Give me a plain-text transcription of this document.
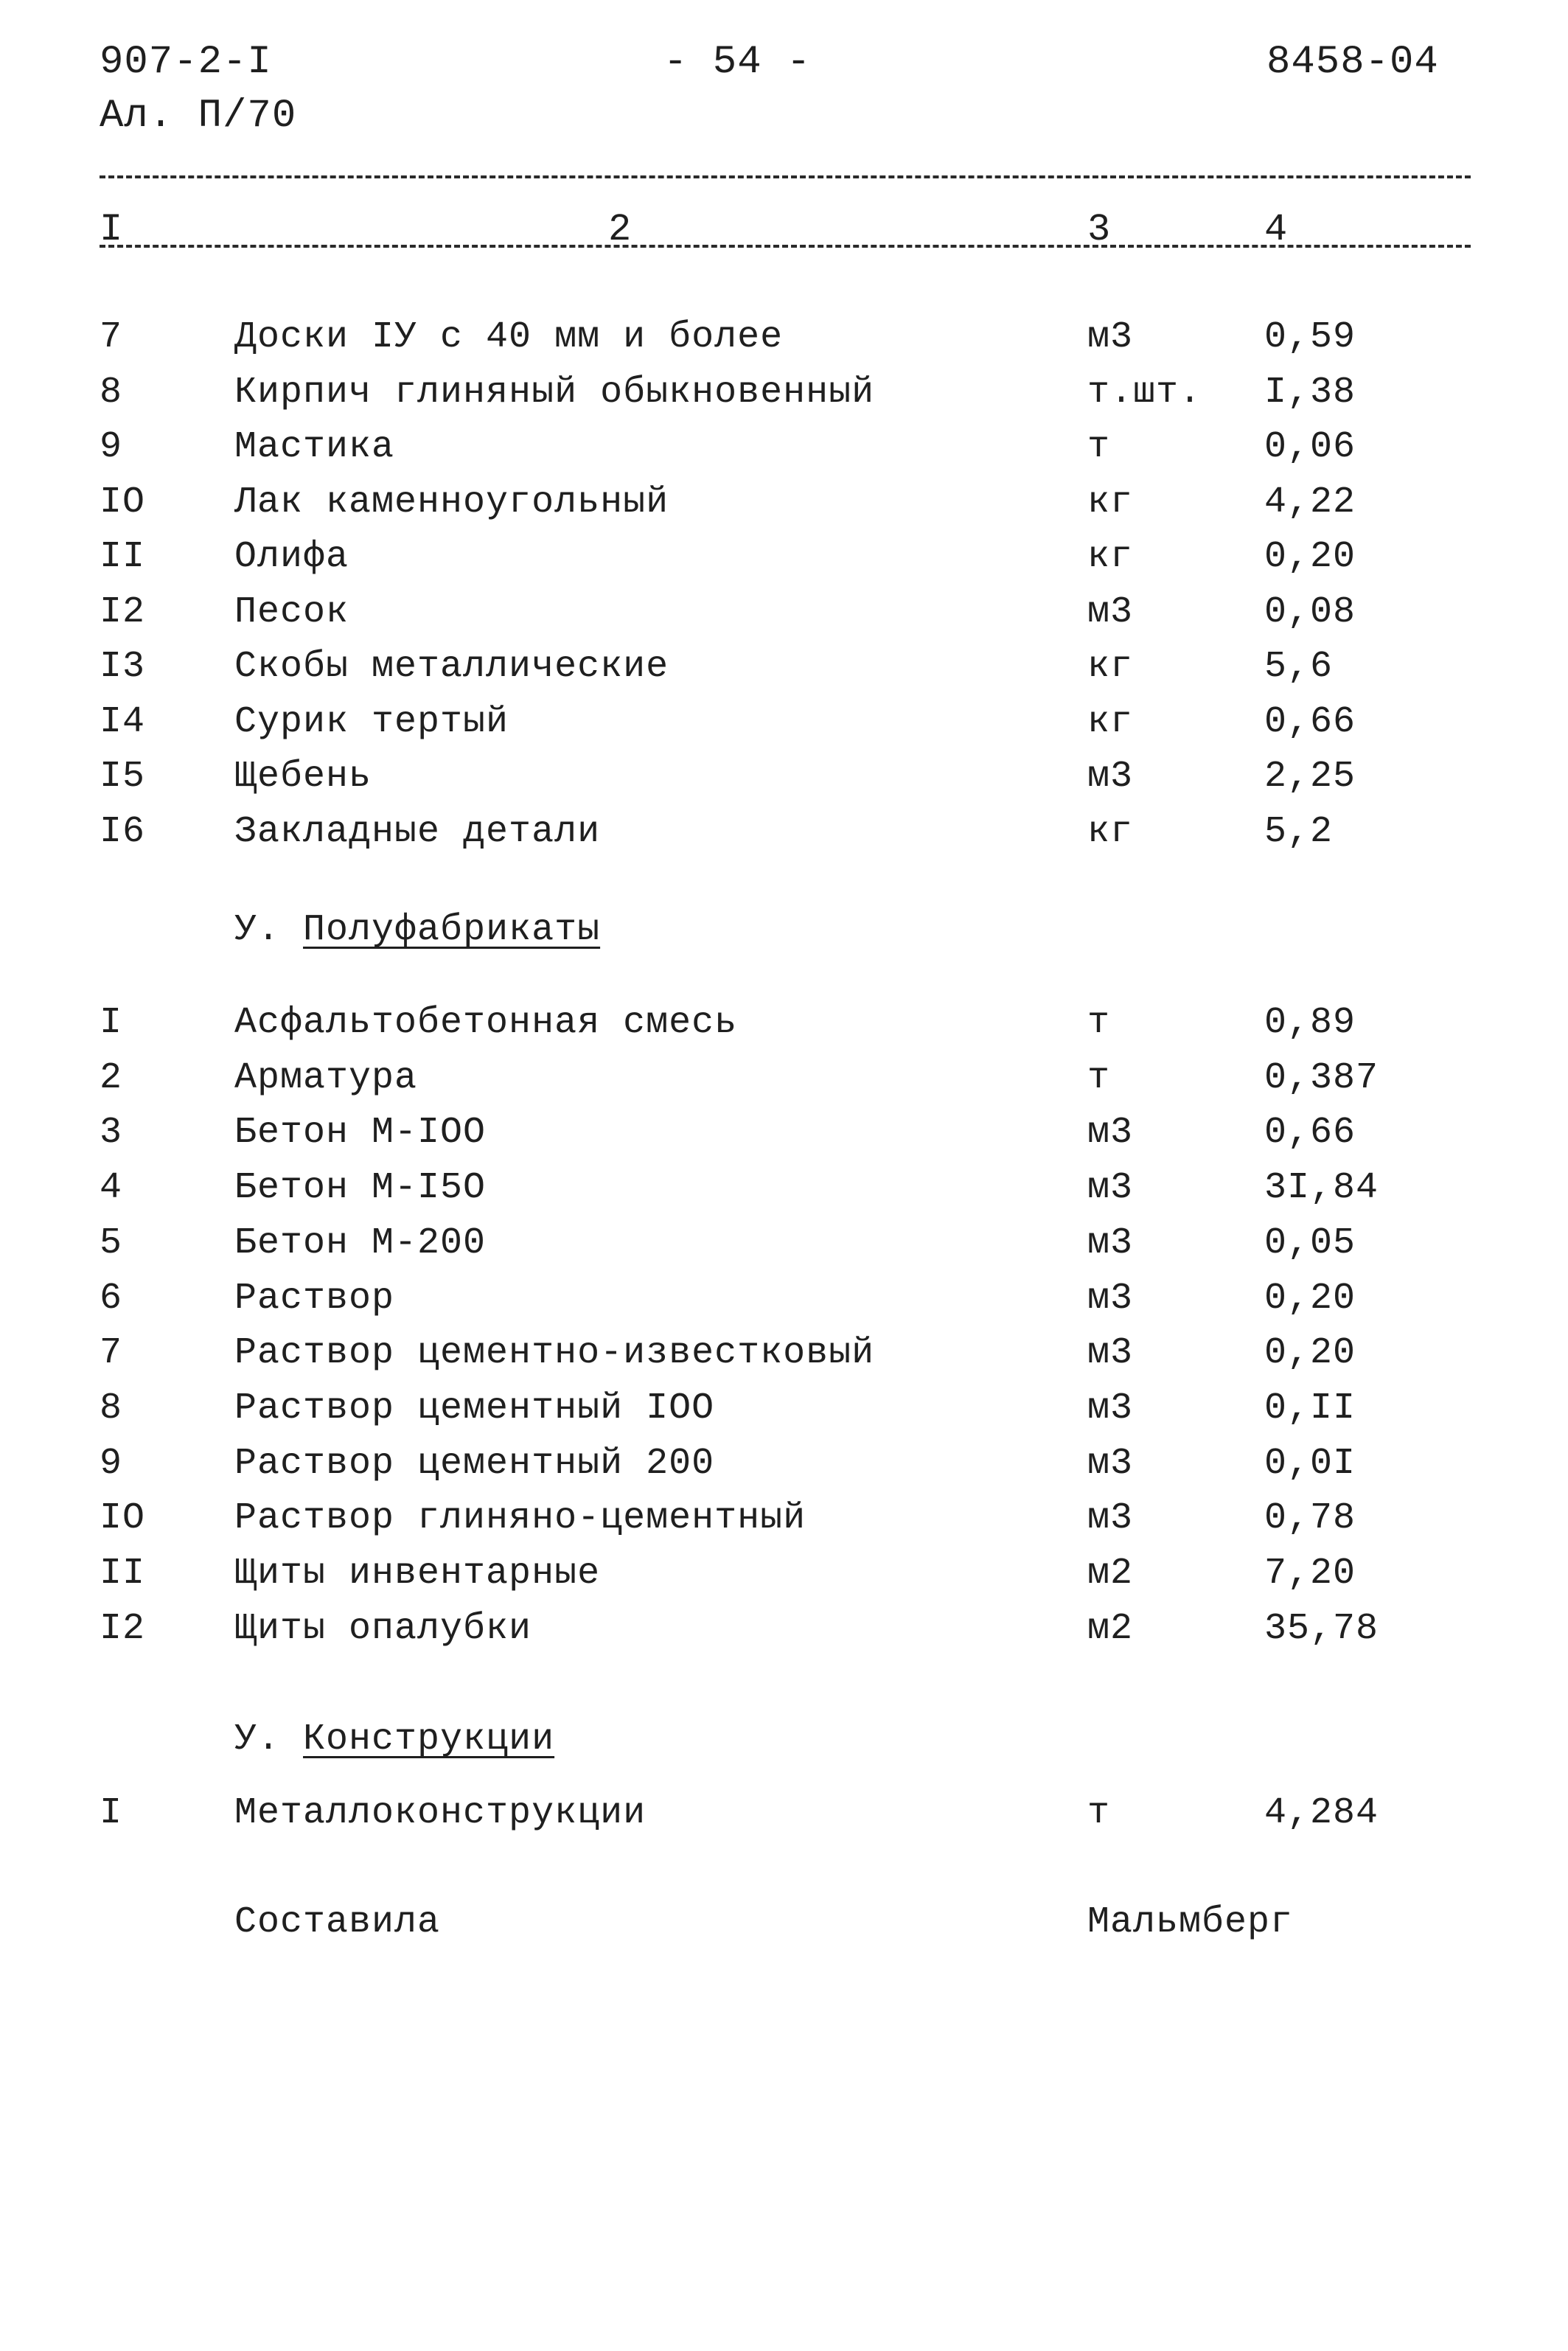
907-2-I	- 54 -	8458-04
Ал. П/70
I	2	3	4
7	Доски IУ с 40 мм и более	м3	0,59
8	Кирпич глиняный обыкновенный	т.шт. I,38
9	Мастика	т	0,06
IO Лак каменноугольный	кг	4,22
II Олифа	кг	0,20
I2 Песок	м3	0,08
I3 Скобы металлические	кг	5,6
I4 Сурик тертый	кг	0,66
I5 Щебень	м3	2,25
I6 Закладные детали	кг	5,2
У. Полуфабрикаты
I	Асфальтобетонная смесь	т	0,89
2	Арматура	т	0,387
3	Бетон М-IOO	м3	0,66
4	Бетон М-I5O	м3	3I,84
5	Бетон М-200	м3	0,05
6	Раствор	м3	0,20
7	Раствор цементно-известковый	м3	0,20
8	Раствор цементный IOO	м3	0,II
9	Раствор цементный 200	м3	0,0I
IO Раствор глиняно-цементный	м3	0,78
II Щиты инвентарные	м2	7,20
I2 Щиты опалубки	м2	35,78
У. Конструкции
I	Металлоконструкции	т	4,284
Составила	Мальмберг
